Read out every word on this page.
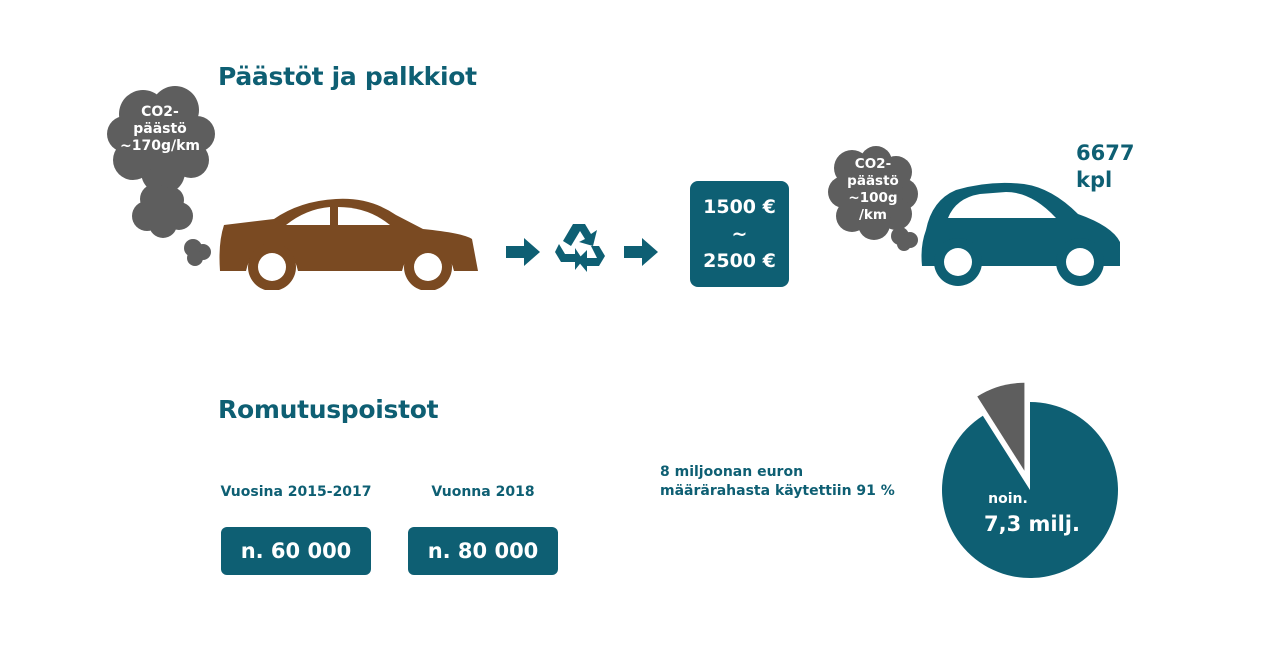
Päästöt ja palkkiot
CO2-
päästö
~170g/km
1500 €
~
2500 €
CO2-
päästö
~100g
/km
6677
kpl
Romutuspoistot
Vuosina 2015-2017	Vuonna 2018
n. 60 000	n. 80 000
8 miljoonan euron
määrärahasta käytettiin 91 %	noin.
7,3 milj.
